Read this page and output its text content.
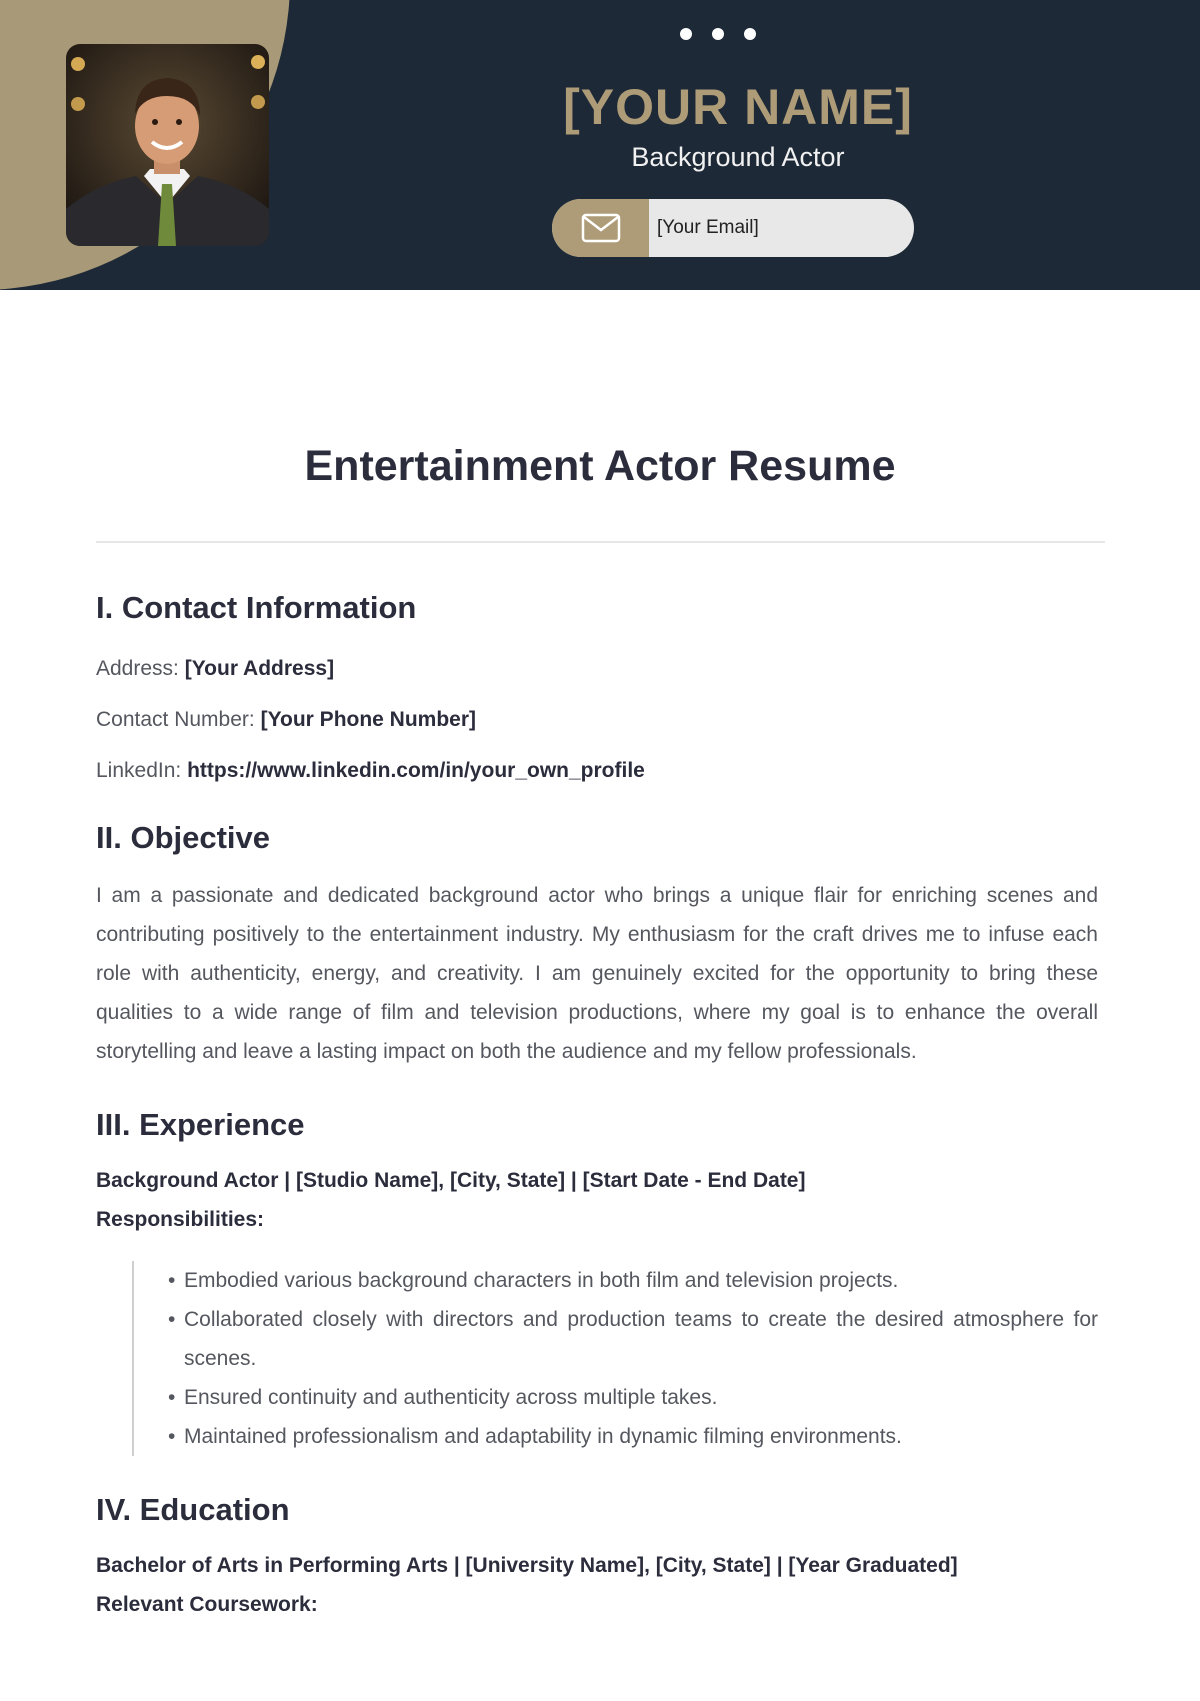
[YOUR NAME]
Background Actor
[Your Email]
Entertainment Actor Resume
I. Contact Information
Address: [Your Address]
Contact Number: [Your Phone Number]
LinkedIn: https://www.linkedin.com/in/your_own_profile
II. Objective

I am a passionate and dedicated background actor who brings a unique flair for enriching scenes and contributing positively to the entertainment industry. My enthusiasm for the craft drives me to infuse each role with authenticity, energy, and creativity. I am genuinely excited for the opportunity to bring these qualities to a wide range of film and television productions, where my goal is to enhance the overall storytelling and leave a lasting impact on both the audience and my fellow professionals.

III. Experience
Background Actor | [Studio Name], [City, State] | [Start Date - End Date]
Responsibilities:
• Embodied various background characters in both film and television projects.
• Collaborated closely with directors and production teams to create the desired atmosphere for scenes.
• Ensured continuity and authenticity across multiple takes.
• Maintained professionalism and adaptability in dynamic filming environments.
IV. Education
Bachelor of Arts in Performing Arts | [University Name], [City, State] | [Year Graduated]
Relevant Coursework:
